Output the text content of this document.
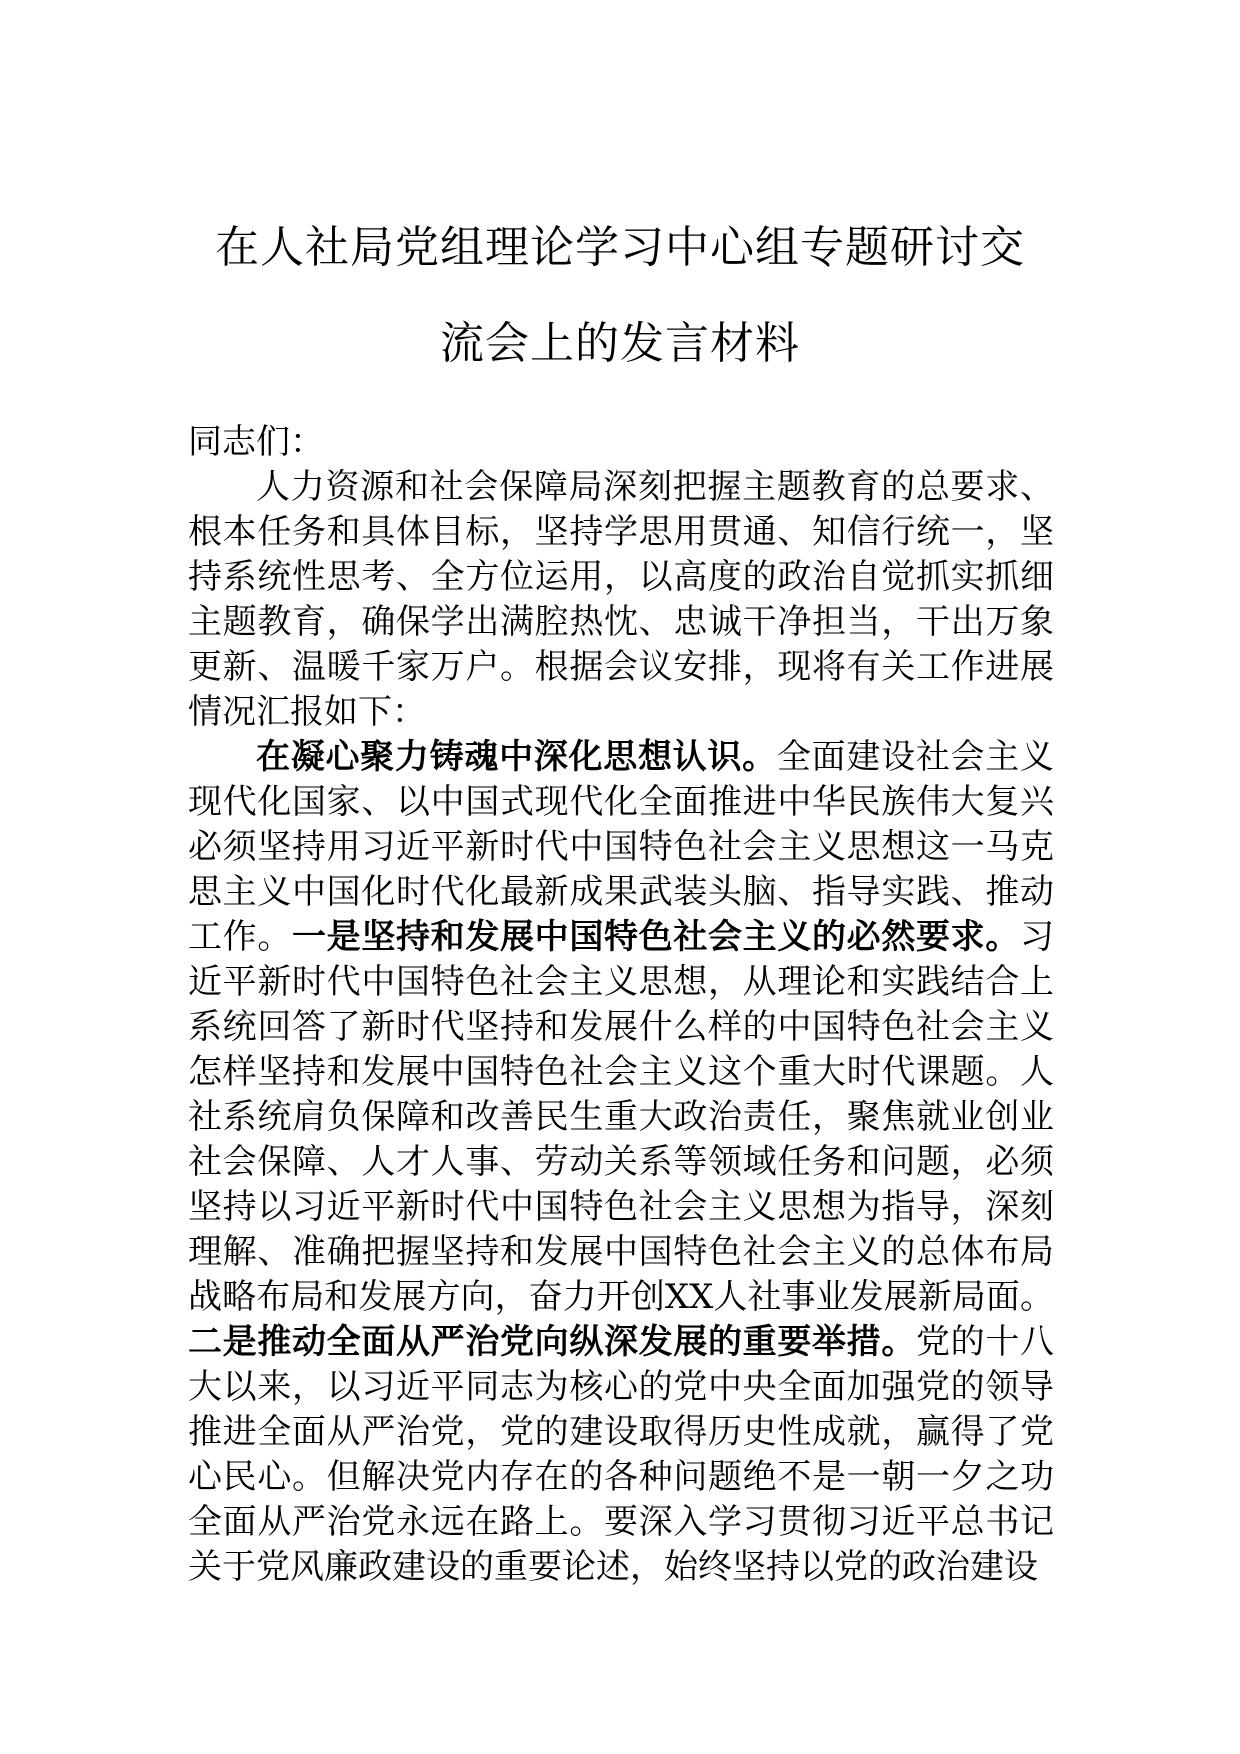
在人社局党组理论学习中心组专题研讨交
流会上的发言材料

同志们：

人力资源和社会保障局深刻把握主题教育的总要求、根本任务和具体目标，坚持学思用贯通、知信行统一，坚持系统性思考、全方位运用，以高度的政治自觉抓实抓细主题教育，确保学出满腔热忱、忠诚干净担当，干出万象更新、温暖千家万户。根据会议安排，现将有关工作进展情况汇报如下：

在凝心聚力铸魂中深化思想认识。全面建设社会主义现代化国家、以中国式现代化全面推进中华民族伟大复兴必须坚持用习近平新时代中国特色社会主义思想这一马克思主义中国化时代化最新成果武装头脑、指导实践、推动工作。一是坚持和发展中国特色社会主义的必然要求。习近平新时代中国特色社会主义思想，从理论和实践结合上系统回答了新时代坚持和发展什么样的中国特色社会主义怎样坚持和发展中国特色社会主义这个重大时代课题。人社系统肩负保障和改善民生重大政治责任，聚焦就业创业社会保障、人才人事、劳动关系等领域任务和问题，必须坚持以习近平新时代中国特色社会主义思想为指导，深刻理解、准确把握坚持和发展中国特色社会主义的总体布局战略布局和发展方向，奋力开创XX人社事业发展新局面。二是推动全面从严治党向纵深发展的重要举措。党的十八大以来，以习近平同志为核心的党中央全面加强党的领导推进全面从严治党，党的建设取得历史性成就，赢得了党心民心。但解决党内存在的各种问题绝不是一朝一夕之功全面从严治党永远在路上。要深入学习贯彻习近平总书记关于党风廉政建设的重要论述，始终坚持以党的政治建设
